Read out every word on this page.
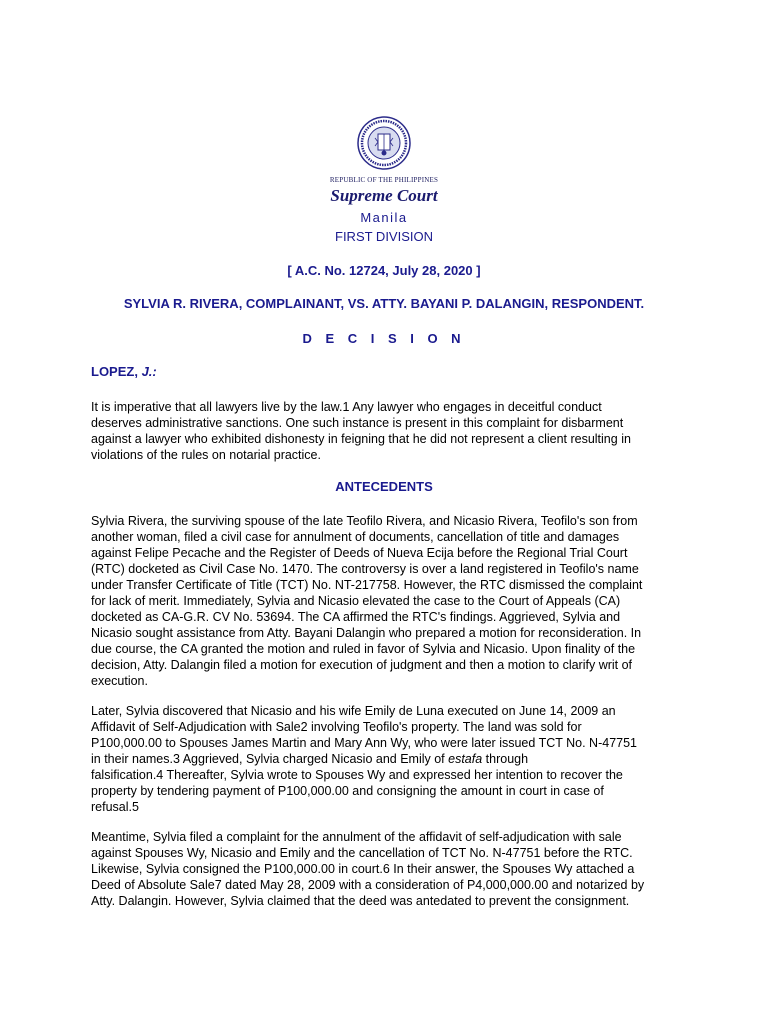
REPUBLIC OF THE PHILIPPINES
Supreme Court
Manila
FIRST DIVISION
[ A.C. No. 12724, July 28, 2020 ]
SYLVIA R. RIVERA, COMPLAINANT, VS. ATTY. BAYANI P. DALANGIN, RESPONDENT.
D E C I S I O N
LOPEZ, J.:
It is imperative that all lawyers live by the law.1 Any lawyer who engages in deceitful conduct
deserves administrative sanctions. One such instance is present in this complaint for disbarment
against a lawyer who exhibited dishonesty in feigning that he did not represent a client resulting in
violations of the rules on notarial practice.
ANTECEDENTS
Sylvia Rivera, the surviving spouse of the late Teofilo Rivera, and Nicasio Rivera, Teofilo's son from
another woman, filed a civil case for annulment of documents, cancellation of title and damages
against Felipe Pecache and the Register of Deeds of Nueva Ecija before the Regional Trial Court
(RTC) docketed as Civil Case No. 1470. The controversy is over a land registered in Teofilo's name
under Transfer Certificate of Title (TCT) No. NT-217758. However, the RTC dismissed the complaint
for lack of merit. Immediately, Sylvia and Nicasio elevated the case to the Court of Appeals (CA)
docketed as CA-G.R. CV No. 53694. The CA affirmed the RTC's findings. Aggrieved, Sylvia and
Nicasio sought assistance from Atty. Bayani Dalangin who prepared a motion for reconsideration. In
due course, the CA granted the motion and ruled in favor of Sylvia and Nicasio. Upon finality of the
decision, Atty. Dalangin filed a motion for execution of judgment and then a motion to clarify writ of
execution.
Later, Sylvia discovered that Nicasio and his wife Emily de Luna executed on June 14, 2009 an
Affidavit of Self-Adjudication with Sale2 involving Teofilo's property. The land was sold for
P100,000.00 to Spouses James Martin and Mary Ann Wy, who were later issued TCT No. N-47751
in their names.3 Aggrieved, Sylvia charged Nicasio and Emily of estafa through
falsification.4 Thereafter, Sylvia wrote to Spouses Wy and expressed her intention to recover the
property by tendering payment of P100,000.00 and consigning the amount in court in case of
refusal.5
Meantime, Sylvia filed a complaint for the annulment of the affidavit of self-adjudication with sale
against Spouses Wy, Nicasio and Emily and the cancellation of TCT No. N-47751 before the RTC.
Likewise, Sylvia consigned the P100,000.00 in court.6 In their answer, the Spouses Wy attached a
Deed of Absolute Sale7 dated May 28, 2009 with a consideration of P4,000,000.00 and notarized by
Atty. Dalangin. However, Sylvia claimed that the deed was antedated to prevent the consignment.
